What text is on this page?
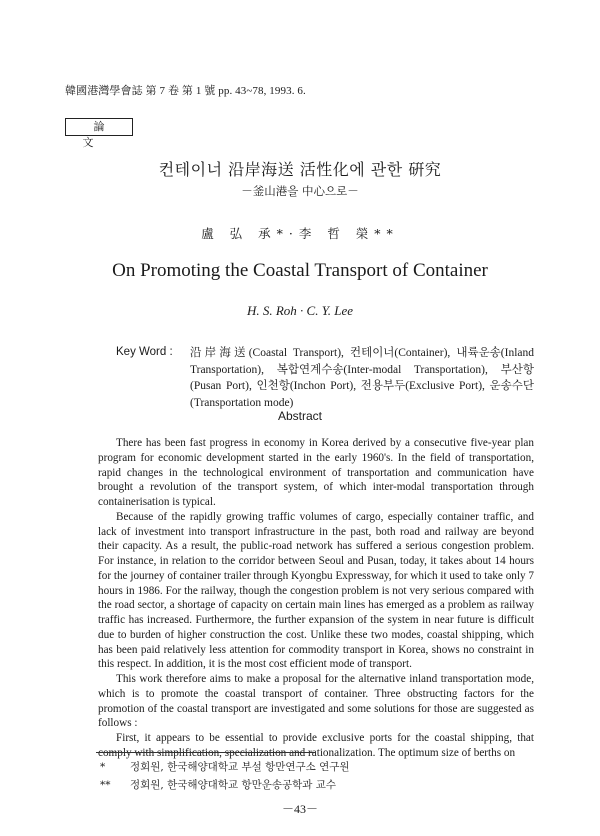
韓國港灣學會誌 第 7 卷 第 1 號 pp. 43~78, 1993. 6.
論 文
컨테이너 沿岸海送 活性化에 관한 硏究
－釜山港을 中心으로－
盧 弘 承*·李 哲 榮**
On Promoting the Coastal Transport of Container
H. S. Roh · C. Y. Lee
Key Word : 沿岸海送(Coastal Transport), 컨테이너(Container), 내륙운송(Inland Transportation), 복합연계수송(Inter-modal Transportation), 부산항(Pusan Port), 인천항(Inchon Port), 전용부두(Exclusive Port), 운송수단(Transportation mode)

Abstract

There has been fast progress in economy in Korea derived by a consecutive five-year plan program for economic development started in the early 1960's. In the field of transportation, rapid changes in the technological environment of transportation and communication have brought a revolution of the transport system, of which inter-modal transportation through containerisation is typical.

Because of the rapidly growing traffic volumes of cargo, especially container traffic, and lack of investment into transport infrastructure in the past, both road and railway are beyond their capacity. As a result, the public-road network has suffered a serious congestion problem. For instance, in relation to the corridor between Seoul and Pusan, today, it takes about 14 hours for the journey of container trailer through Kyongbu Expressway, for which it used to take only 7 hours in 1986. For the railway, though the congestion problem is not very serious compared with the road sector, a shortage of capacity on certain main lines has emerged as a problem as railway traffic has increased. Furthermore, the further expansion of the system in near future is difficult due to burden of higher construction the cost. Unlike these two modes, coastal shipping, which has been paid relatively less attention for commodity transport in Korea, shows no constraint in this respect. In addition, it is the most cost efficient mode of transport.

This work therefore aims to make a proposal for the alternative inland transportation mode, which is to promote the coastal transport of container. Three obstructing factors for the promotion of the coastal transport are investigated and some solutions for those are suggested as follows :

First, it appears to be essential to provide exclusive ports for the coastal shipping, that comply with simplification, specialization and rationalization. The optimum size of berths on

* 정회원, 한국해양대학교 부설 항만연구소 연구원
** 정회원, 한국해양대학교 항만운송공학과 교수
－43－
